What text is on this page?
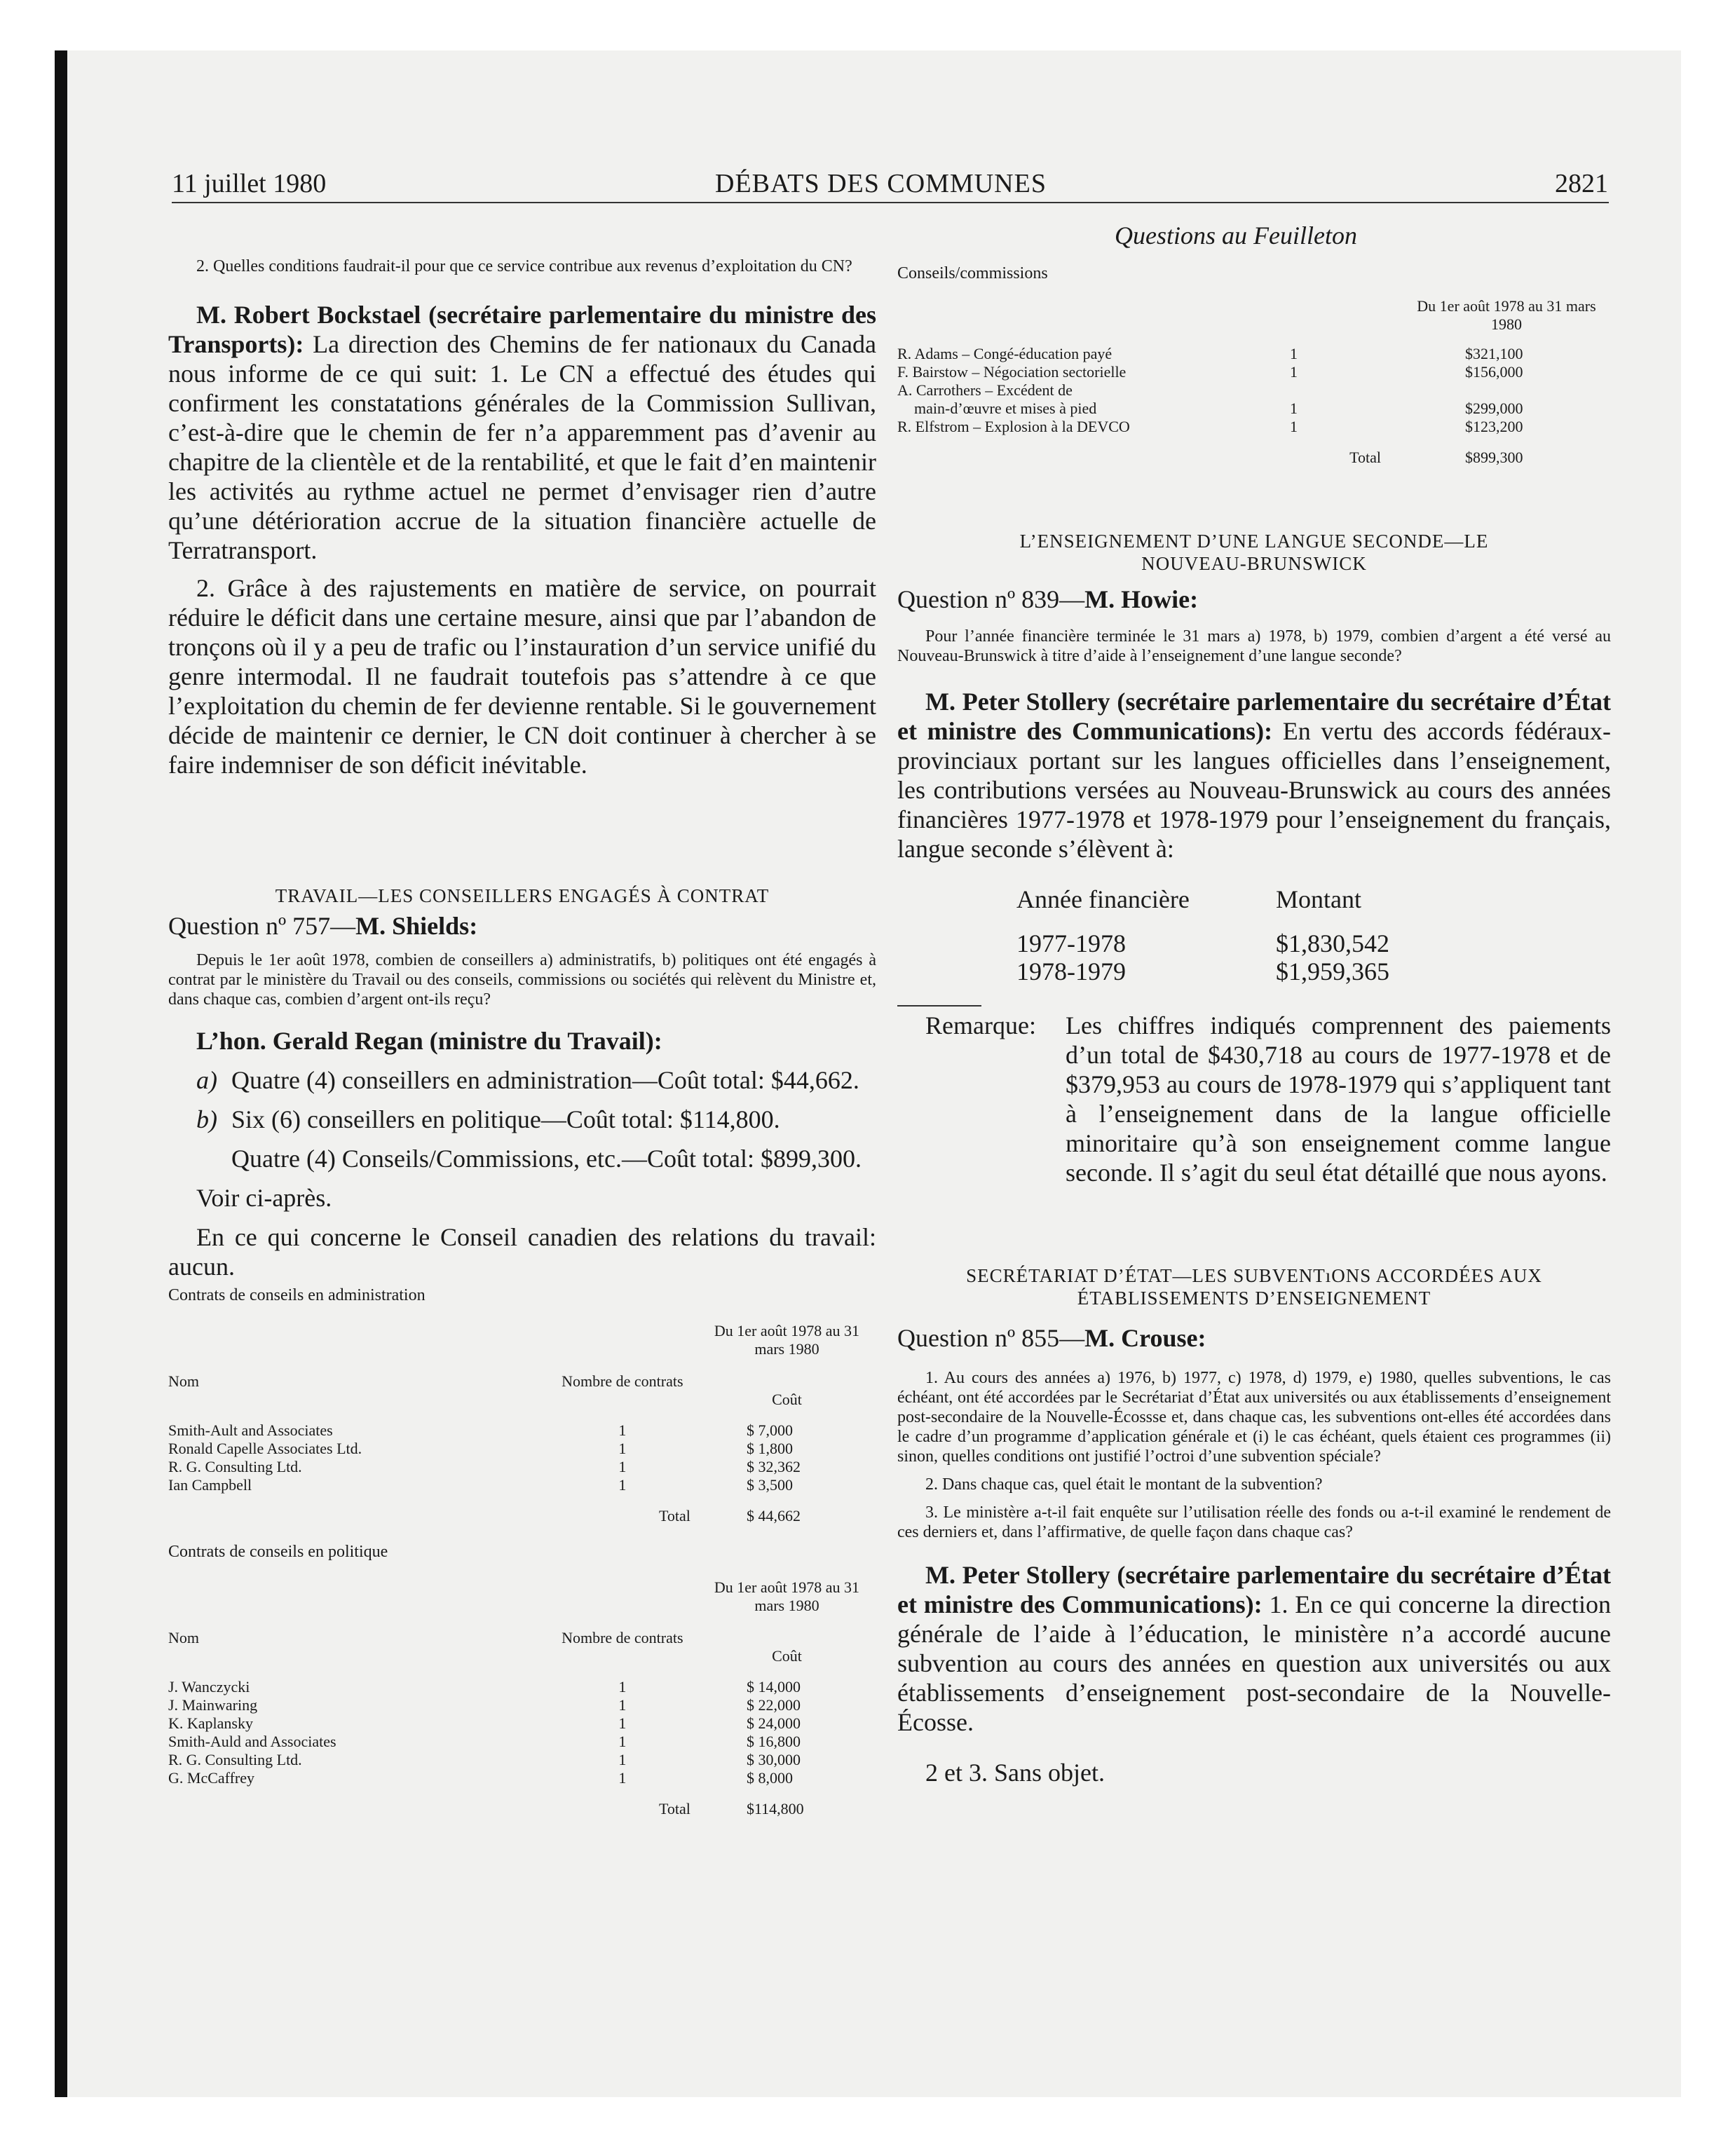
11 juillet 1980	DÉBATS DES COMMUNES	2821
Questions au Feuilleton

2. Quelles conditions faudrait-il pour que ce service contribue aux revenus d’exploitation du CN?

M. Robert Bockstael (secrétaire parlementaire du ministre des Transports): La direction des Chemins de fer nationaux du Canada nous informe de ce qui suit: 1. Le CN a effectué des études qui confirment les constatations générales de la Commission Sullivan, c’est-à-dire que le chemin de fer n’a apparemment pas d’avenir au chapitre de la clientèle et de la rentabilité, et que le fait d’en maintenir les activités au rythme actuel ne permet d’envisager rien d’autre qu’une détérioration accrue de la situation financière actuelle de Terratransport.

2. Grâce à des rajustements en matière de service, on pourrait réduire le déficit dans une certaine mesure, ainsi que par l’abandon de tronçons où il y a peu de trafic ou l’instauration d’un service unifié du genre intermodal. Il ne faudrait toutefois pas s’attendre à ce que l’exploitation du chemin de fer devienne rentable. Si le gouvernement décide de maintenir ce dernier, le CN doit continuer à chercher à se faire indemniser de son déficit inévitable.

TRAVAIL—LES CONSEILLERS ENGAGÉS À CONTRAT

Question nº 757—M. Shields:

Depuis le 1er août 1978, combien de conseillers a) administratifs, b) politiques ont été engagés à contrat par le ministère du Travail ou des conseils, commissions ou sociétés qui relèvent du Ministre et, dans chaque cas, combien d’argent ont-ils reçu?

L’hon. Gerald Regan (ministre du Travail):

a) Quatre (4) conseillers en administration—Coût total: $44,662.
b) Six (6) conseillers en politique—Coût total: $114,800.
Quatre (4) Conseils/Commissions, etc.—Coût total: $899,300.

Voir ci-après.

En ce qui concerne le Conseil canadien des relations du travail: aucun.

Contrats de conseils en administration

		Du 1er août 1978 au 31 mars 1980
Nom	Nombre de contrats	Coût

Smith-Ault and Associates	1	$ 7,000
Ronald Capelle Associates Ltd.	1	$ 1,800
R. G. Consulting Ltd.	1	$ 32,362
Ian Campbell	1	$ 3,500
	Total	$ 44,662

Contrats de conseils en politique

		Du 1er août 1978 au 31 mars 1980
Nom	Nombre de contrats	Coût

J. Wanczycki	1	$ 14,000
J. Mainwaring	1	$ 22,000
K. Kaplansky	1	$ 24,000
Smith-Auld and Associates	1	$ 16,800
R. G. Consulting Ltd.	1	$ 30,000
G. McCaffrey	1	$ 8,000
	Total	$114,800

Conseils/commissions

		Du 1er août 1978 au 31 mars 1980

R. Adams – Congé-éducation payé	1	$321,100
F. Bairstow – Négociation sectorielle	1	$156,000
A. Carrothers – Excédent de		
main-d’œuvre et mises à pied	1	$299,000
R. Elfstrom – Explosion à la DEVCO	1	$123,200
Total		$899,300

L’ENSEIGNEMENT D’UNE LANGUE SECONDE—LE NOUVEAU-BRUNSWICK

Question nº 839—M. Howie:

Pour l’année financière terminée le 31 mars a) 1978, b) 1979, combien d’argent a été versé au Nouveau-Brunswick à titre d’aide à l’enseignement d’une langue seconde?

M. Peter Stollery (secrétaire parlementaire du secrétaire d’État et ministre des Communications): En vertu des accords fédéraux-provinciaux portant sur les langues officielles dans l’enseignement, les contributions versées au Nouveau-Brunswick au cours des années financières 1977-1978 et 1978-1979 pour l’enseignement du français, langue seconde s’élèvent à:

Année financière	Montant
1977-1978	$1,830,542
1978-1979	$1,959,365
Remarque:	Les chiffres indiqués comprennent des paiements d’un total de $430,718 au cours de 1977-1978 et de $379,953 au cours de 1978-1979 qui s’appliquent tant à l’enseignement dans de la langue officielle minoritaire qu’à son enseignement comme langue seconde. Il s’agit du seul état détaillé que nous ayons.

SECRÉTARIAT D’ÉTAT—LES SUBVENTıONS ACCORDÉES AUX ÉTABLISSEMENTS D’ENSEIGNEMENT

Question nº 855—M. Crouse:

1. Au cours des années a) 1976, b) 1977, c) 1978, d) 1979, e) 1980, quelles subventions, le cas échéant, ont été accordées par le Secrétariat d’État aux universités ou aux établissements d’enseignement post-secondaire de la Nouvelle-Écossse et, dans chaque cas, les subventions ont-elles été accordées dans le cadre d’un programme d’application générale et (i) le cas échéant, quels étaient ces programmes (ii) sinon, quelles conditions ont justifié l’octroi d’une subvention spéciale?

2. Dans chaque cas, quel était le montant de la subvention?

3. Le ministère a-t-il fait enquête sur l’utilisation réelle des fonds ou a-t-il examiné le rendement de ces derniers et, dans l’affirmative, de quelle façon dans chaque cas?

M. Peter Stollery (secrétaire parlementaire du secrétaire d’État et ministre des Communications): 1. En ce qui concerne la direction générale de l’aide à l’éducation, le ministère n’a accordé aucune subvention au cours des années en question aux universités ou aux établissements d’enseignement post-secondaire de la Nouvelle-Écosse.

2 et 3. Sans objet.
